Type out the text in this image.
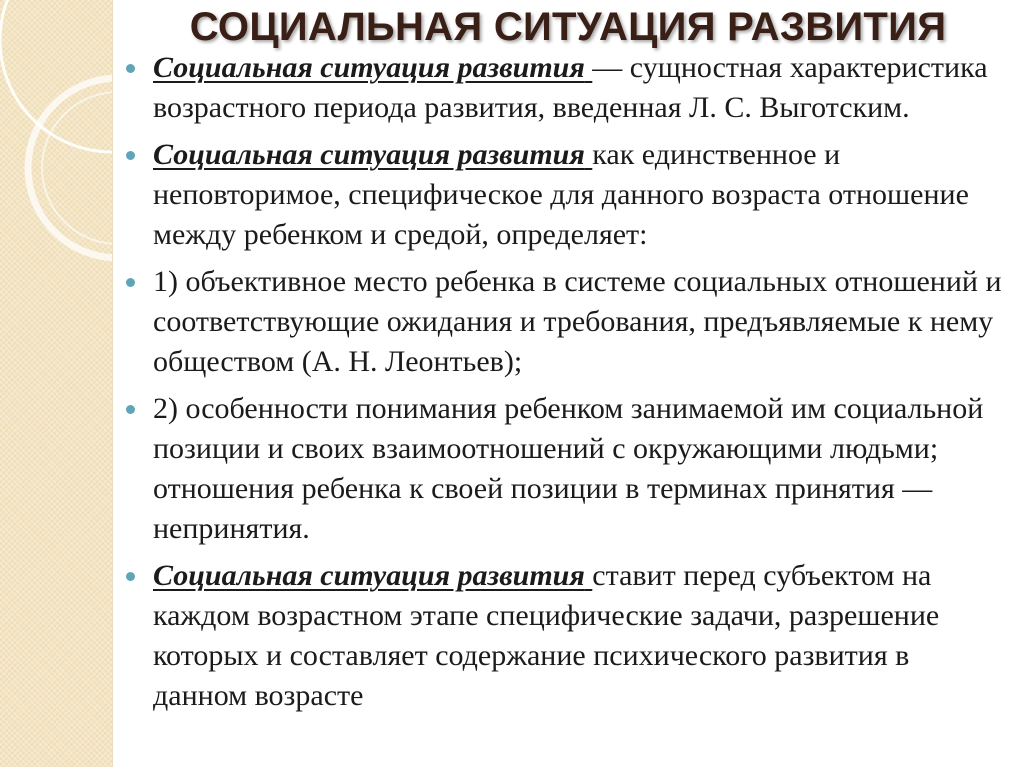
СОЦИАЛЬНАЯ СИТУАЦИЯ РАЗВИТИЯ
Социальная ситуация развития — сущностная характеристика возрастного периода развития, введенная Л. С. Выготским.
Социальная ситуация развития как единственное и неповторимое, специфическое для данного возраста отношение между ребенком и средой, определяет:
1) объективное место ребенка в системе социальных отношений и соответствующие ожидания и требования, предъявляемые к нему обществом (А. Н. Леонтьев);
2) особенности понимания ребенком занимаемой им социальной позиции и своих взаимоотношений с окружающими людьми; отношения ребенка к своей позиции в терминах принятия — непринятия.
Социальная ситуация развития ставит перед субъектом на каждом возрастном этапе специфические задачи, разрешение которых и составляет содержание психического развития в данном возрасте
